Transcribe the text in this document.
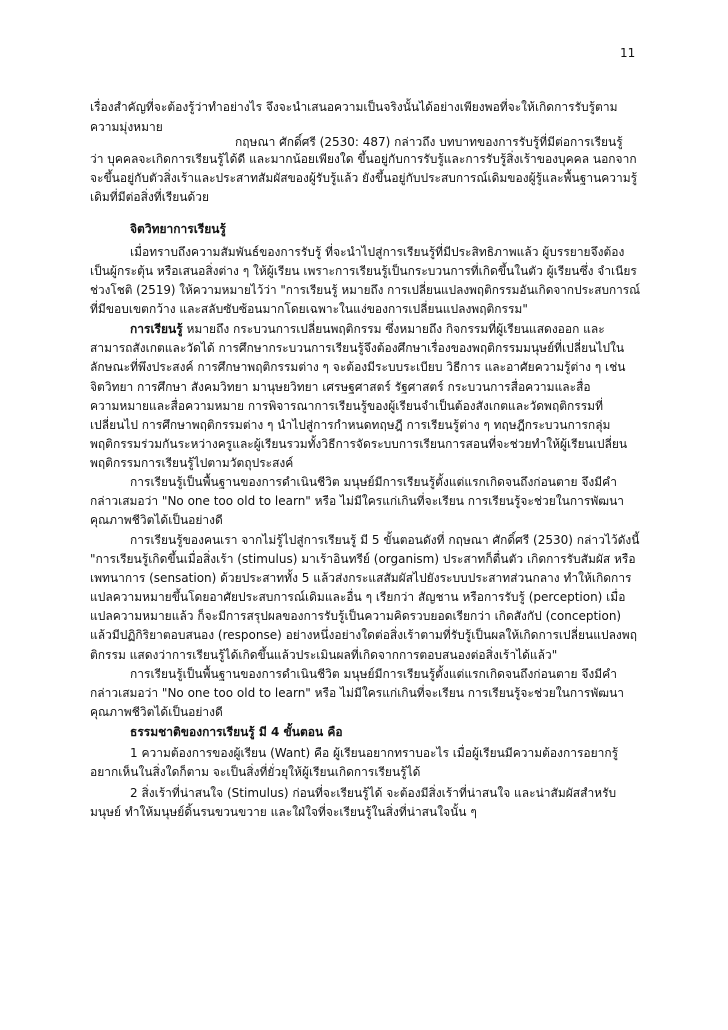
11
เรื่องสำคัญที่จะต้องรู้ว่าทำอย่างไร จึงจะนำเสนอความเป็นจริงนั้นได้อย่างเพียงพอที่จะให้เกิดการรับรู้ตาม
ความมุ่งหมาย
กฤษณา ศักดิ์ศรี (2530: 487) กล่าวถึง บทบาทของการรับรู้ที่มีต่อการเรียนรู้
ว่า บุคคลจะเกิดการเรียนรู้ได้ดี และมากน้อยเพียงใด ขึ้นอยู่กับการรับรู้และการรับรู้สิ่งเร้าของบุคคล นอกจาก
จะขึ้นอยู่กับตัวสิ่งเร้าและประสาทสัมผัสของผู้รับรู้แล้ว ยังขึ้นอยู่กับประสบการณ์เดิมของผู้รู้และพื้นฐานความรู้
เดิมที่มีต่อสิ่งที่เรียนด้วย
จิตวิทยาการเรียนรู้
เมื่อทราบถึงความสัมพันธ์ของการรับรู้ ที่จะนำไปสู่การเรียนรู้ที่มีประสิทธิภาพแล้ว ผู้บรรยายจึงต้อง
เป็นผู้กระตุ้น หรือเสนอสิ่งต่าง ๆ ให้ผู้เรียน เพราะการเรียนรู้เป็นกระบวนการที่เกิดขึ้นในตัว ผู้เรียนซึ่ง จำเนียร
ช่วงโชติ (2519) ให้ความหมายไว้ว่า "การเรียนรู้ หมายถึง การเปลี่ยนแปลงพฤติกรรมอันเกิดจากประสบการณ์
ที่มีขอบเขตกว้าง และสลับซับซ้อนมากโดยเฉพาะในแง่ของการเปลี่ยนแปลงพฤติกรรม"
การเรียนรู้ หมายถึง กระบวนการเปลี่ยนพฤติกรรม ซึ่งหมายถึง กิจกรรมที่ผู้เรียนแสดงออก และ
สามารถสังเกตและวัดได้ การศึกษากระบวนการเรียนรู้จึงต้องศึกษาเรื่องของพฤติกรรมมนุษย์ที่เปลี่ยนไปใน
ลักษณะที่พึงประสงค์ การศึกษาพฤติกรรมต่าง ๆ จะต้องมีระบบระเบียบ วิธีการ และอาศัยความรู้ต่าง ๆ เช่น
จิตวิทยา การศึกษา สังคมวิทยา มานุษยวิทยา เศรษฐศาสตร์ รัฐศาสตร์ กระบวนการสื่อความและสื่อ
ความหมายและสื่อความหมาย การพิจารณาการเรียนรู้ของผู้เรียนจำเป็นต้องสังเกตและวัดพฤติกรรมที่
เปลี่ยนไป การศึกษาพฤติกรรมต่าง ๆ นำไปสู่การกำหนดทฤษฎี การเรียนรู้ต่าง ๆ ทฤษฎีกระบวนการกลุ่ม
พฤติกรรมร่วมกันระหว่างครูและผู้เรียนรวมทั้งวิธีการจัดระบบการเรียนการสอนที่จะช่วยทำให้ผู้เรียนเปลี่ยน
พฤติกรรมการเรียนรู้ไปตามวัตถุประสงค์
การเรียนรู้เป็นพื้นฐานของการดำเนินชีวิต มนุษย์มีการเรียนรู้ตั้งแต่แรกเกิดจนถึงก่อนตาย จึงมีคำ
กล่าวเสมอว่า "No one too old to learn" หรือ ไม่มีใครแก่เกินที่จะเรียน การเรียนรู้จะช่วยในการพัฒนา
คุณภาพชีวิตได้เป็นอย่างดี
การเรียนรู้ของคนเรา จากไม่รู้ไปสู่การเรียนรู้ มี 5 ขั้นตอนดังที่ กฤษณา ศักดิ์ศรี (2530) กล่าวไว้ดังนี้
"การเรียนรู้เกิดขึ้นเมื่อสิ่งเร้า (stimulus) มาเร้าอินทรีย์ (organism) ประสาทก็ตื่นตัว เกิดการรับสัมผัส หรือ
เพทนาการ (sensation) ด้วยประสาททั้ง 5 แล้วส่งกระแสสัมผัสไปยังระบบประสาทส่วนกลาง ทำให้เกิดการ
แปลความหมายขึ้นโดยอาศัยประสบการณ์เดิมและอื่น ๆ เรียกว่า สัญชาน หรือการรับรู้ (perception) เมื่อ
แปลความหมายแล้ว ก็จะมีการสรุปผลของการรับรู้เป็นความคิดรวบยอดเรียกว่า เกิดสังกัป (conception)
แล้วมีปฏิกิริยาตอบสนอง (response) อย่างหนึ่งอย่างใดต่อสิ่งเร้าตามที่รับรู้เป็นผลให้เกิดการเปลี่ยนแปลงพฤ
ติกรรม แสดงว่าการเรียนรู้ได้เกิดขึ้นแล้วประเมินผลที่เกิดจากการตอบสนองต่อสิ่งเร้าได้แล้ว"
การเรียนรู้เป็นพื้นฐานของการดำเนินชีวิต มนุษย์มีการเรียนรู้ตั้งแต่แรกเกิดจนถึงก่อนตาย จึงมีคำ
กล่าวเสมอว่า "No one too old to learn" หรือ ไม่มีใครแก่เกินที่จะเรียน การเรียนรู้จะช่วยในการพัฒนา
คุณภาพชีวิตได้เป็นอย่างดี
ธรรมชาติของการเรียนรู้ มี 4 ขั้นตอน คือ
1 ความต้องการของผู้เรียน (Want) คือ ผู้เรียนอยากทราบอะไร เมื่อผู้เรียนมีความต้องการอยากรู้
อยากเห็นในสิ่งใดก็ตาม จะเป็นสิ่งที่ยั่วยุให้ผู้เรียนเกิดการเรียนรู้ได้
2 สิ่งเร้าที่น่าสนใจ (Stimulus) ก่อนที่จะเรียนรู้ได้ จะต้องมีสิ่งเร้าที่น่าสนใจ และน่าสัมผัสสำหรับ
มนุษย์ ทำให้มนุษย์ดิ้นรนขวนขวาย และใฝ่ใจที่จะเรียนรู้ในสิ่งที่น่าสนใจนั้น ๆ
